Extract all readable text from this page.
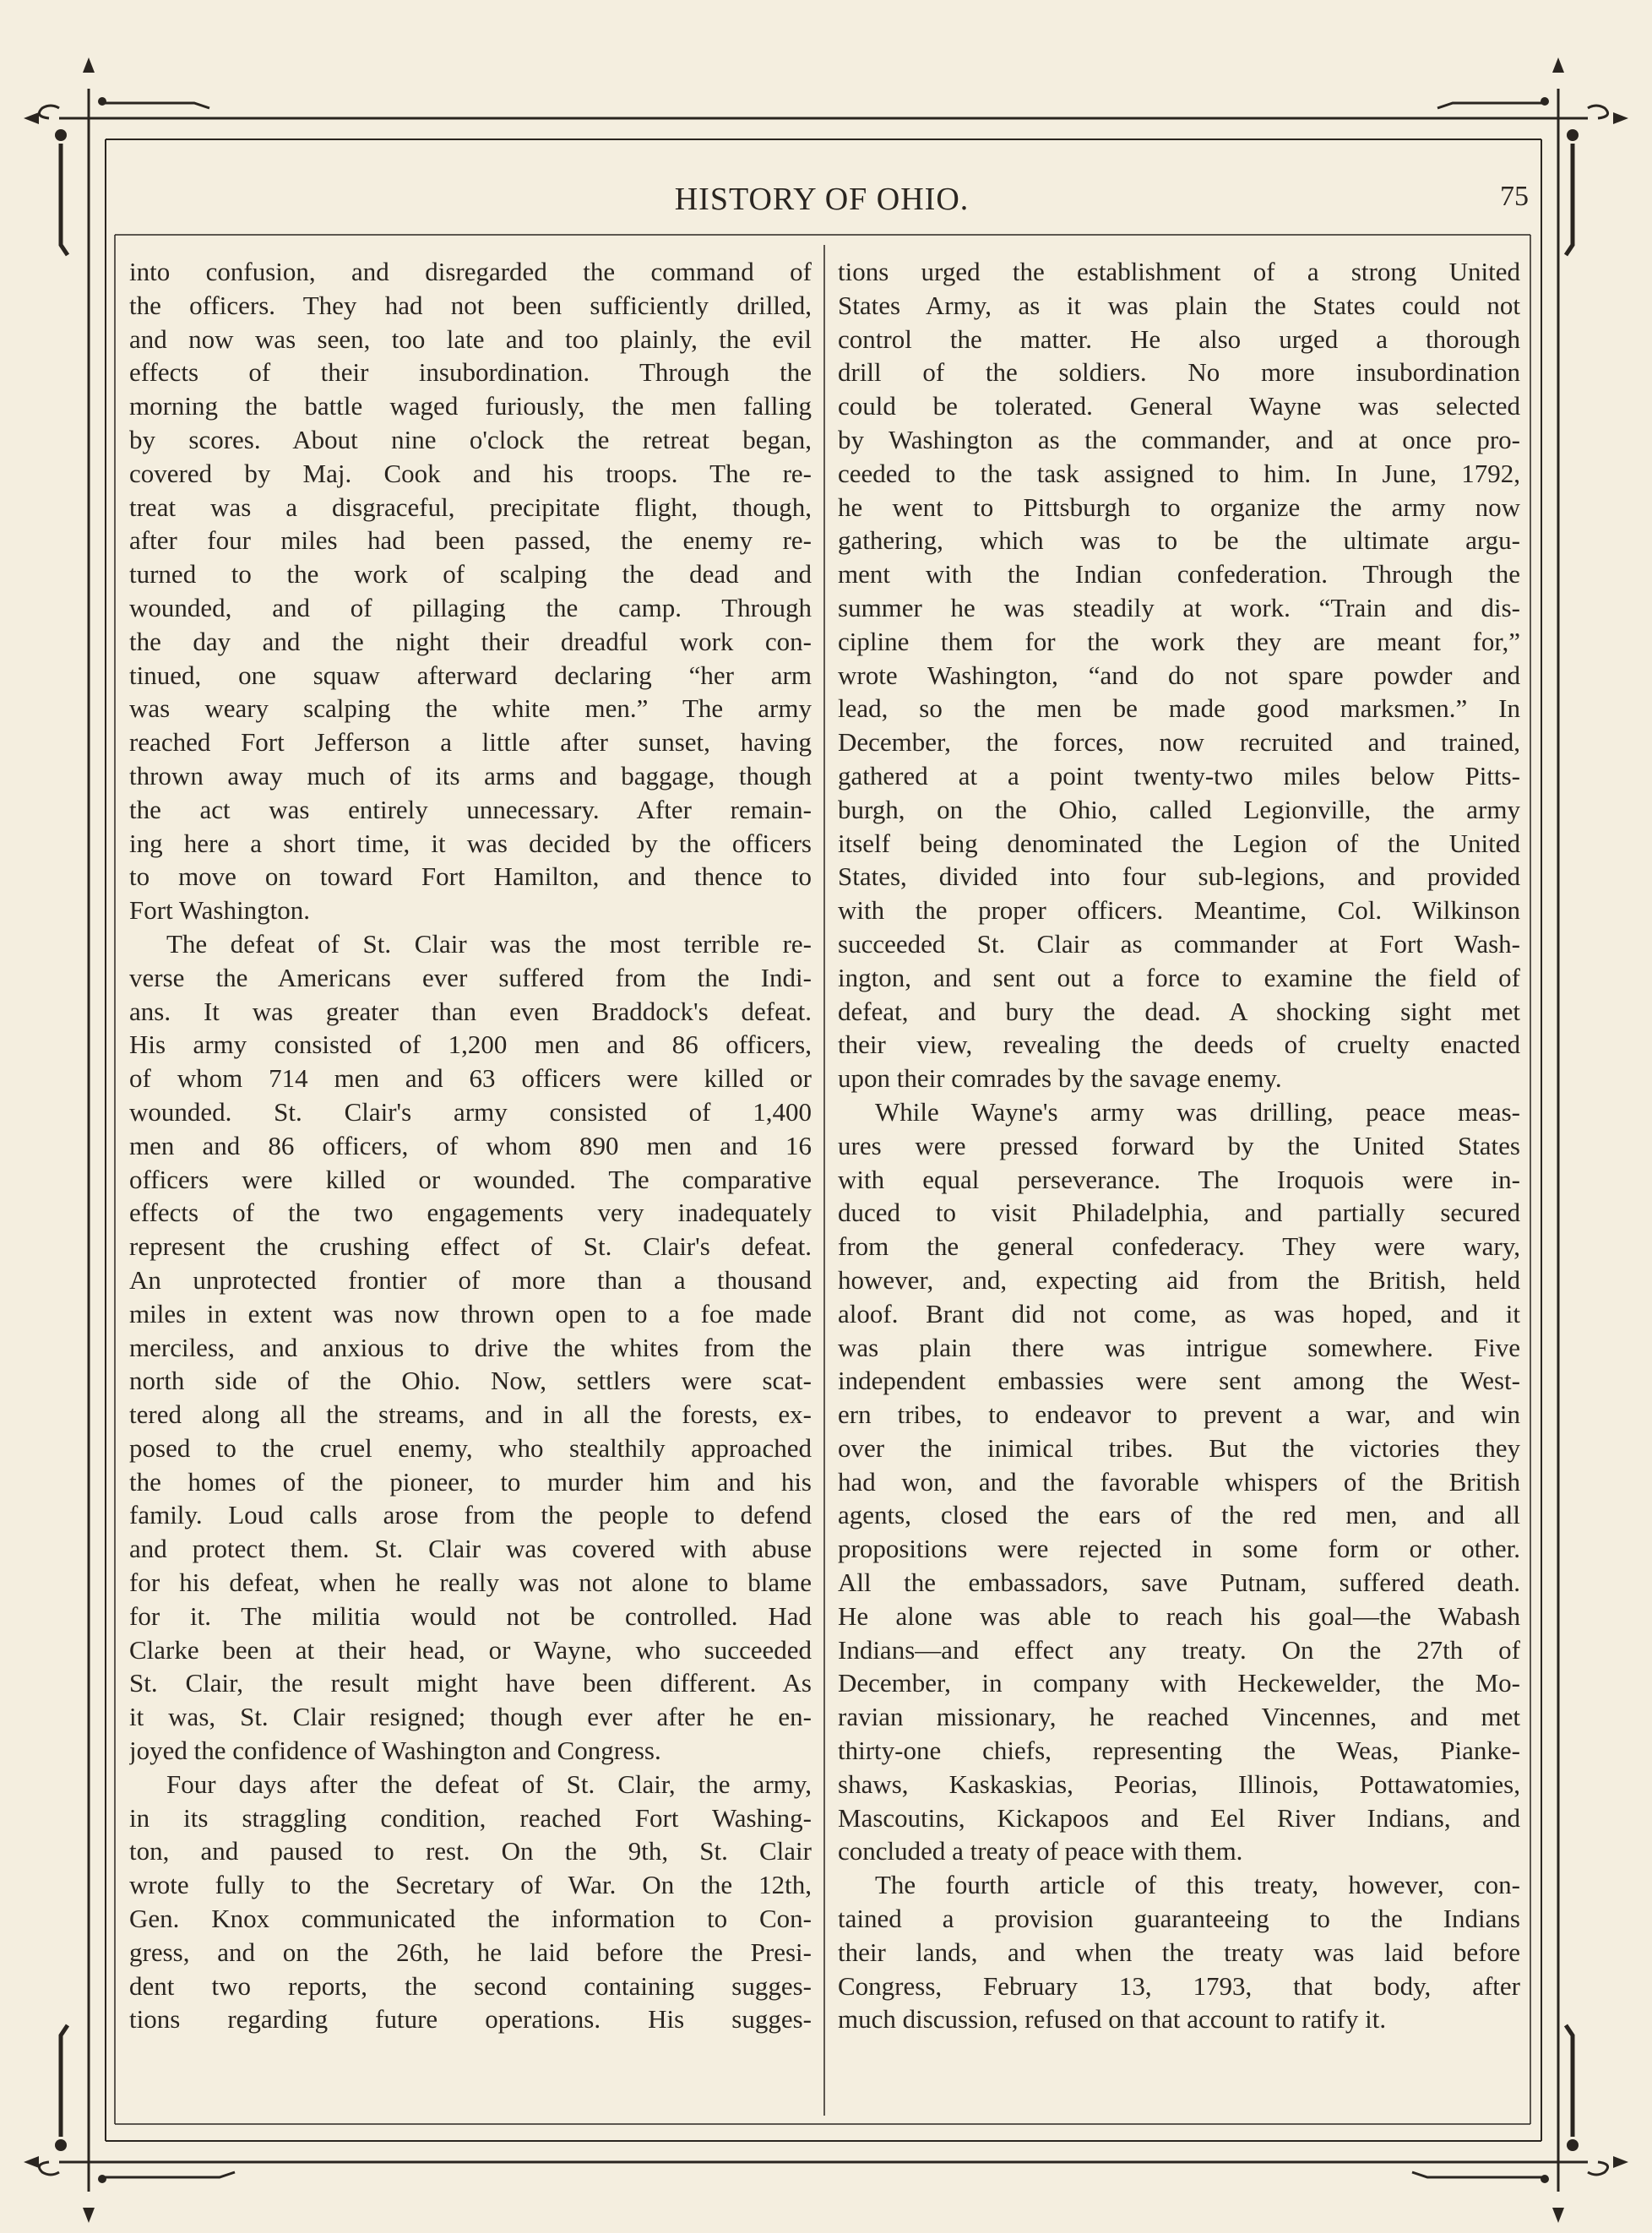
HISTORY OF OHIO.	75
into confusion, and disregarded the command of
the officers. They had not been sufficiently drilled,
and now was seen, too late and too plainly, the evil
effects of their insubordination. Through the
morning the battle waged furiously, the men falling
by scores. About nine o'clock the retreat began,
covered by Maj. Cook and his troops. The re-
treat was a disgraceful, precipitate flight, though,
after four miles had been passed, the enemy re-
turned to the work of scalping the dead and
wounded, and of pillaging the camp. Through
the day and the night their dreadful work con-
tinued, one squaw afterward declaring “her arm
was weary scalping the white men.” The army
reached Fort Jefferson a little after sunset, having
thrown away much of its arms and baggage, though
the act was entirely unnecessary. After remain-
ing here a short time, it was decided by the officers
to move on toward Fort Hamilton, and thence to
Fort Washington.
The defeat of St. Clair was the most terrible re-
verse the Americans ever suffered from the Indi-
ans. It was greater than even Braddock's defeat.
His army consisted of 1,200 men and 86 officers,
of whom 714 men and 63 officers were killed or
wounded. St. Clair's army consisted of 1,400
men and 86 officers, of whom 890 men and 16
officers were killed or wounded. The comparative
effects of the two engagements very inadequately
represent the crushing effect of St. Clair's defeat.
An unprotected frontier of more than a thousand
miles in extent was now thrown open to a foe made
merciless, and anxious to drive the whites from the
north side of the Ohio. Now, settlers were scat-
tered along all the streams, and in all the forests, ex-
posed to the cruel enemy, who stealthily approached
the homes of the pioneer, to murder him and his
family. Loud calls arose from the people to defend
and protect them. St. Clair was covered with abuse
for his defeat, when he really was not alone to blame
for it. The militia would not be controlled. Had
Clarke been at their head, or Wayne, who succeeded
St. Clair, the result might have been different. As
it was, St. Clair resigned; though ever after he en-
joyed the confidence of Washington and Congress.
Four days after the defeat of St. Clair, the army,
in its straggling condition, reached Fort Washing-
ton, and paused to rest. On the 9th, St. Clair
wrote fully to the Secretary of War. On the 12th,
Gen. Knox communicated the information to Con-
gress, and on the 26th, he laid before the Presi-
dent two reports, the second containing sugges-
tions regarding future operations. His sugges-
tions urged the establishment of a strong United
States Army, as it was plain the States could not
control the matter. He also urged a thorough
drill of the soldiers. No more insubordination
could be tolerated. General Wayne was selected
by Washington as the commander, and at once pro-
ceeded to the task assigned to him. In June, 1792,
he went to Pittsburgh to organize the army now
gathering, which was to be the ultimate argu-
ment with the Indian confederation. Through the
summer he was steadily at work. “Train and dis-
cipline them for the work they are meant for,”
wrote Washington, “and do not spare powder and
lead, so the men be made good marksmen.” In
December, the forces, now recruited and trained,
gathered at a point twenty-two miles below Pitts-
burgh, on the Ohio, called Legionville, the army
itself being denominated the Legion of the United
States, divided into four sub-legions, and provided
with the proper officers. Meantime, Col. Wilkinson
succeeded St. Clair as commander at Fort Wash-
ington, and sent out a force to examine the field of
defeat, and bury the dead. A shocking sight met
their view, revealing the deeds of cruelty enacted
upon their comrades by the savage enemy.
While Wayne's army was drilling, peace meas-
ures were pressed forward by the United States
with equal perseverance. The Iroquois were in-
duced to visit Philadelphia, and partially secured
from the general confederacy. They were wary,
however, and, expecting aid from the British, held
aloof. Brant did not come, as was hoped, and it
was plain there was intrigue somewhere. Five
independent embassies were sent among the West-
ern tribes, to endeavor to prevent a war, and win
over the inimical tribes. But the victories they
had won, and the favorable whispers of the British
agents, closed the ears of the red men, and all
propositions were rejected in some form or other.
All the embassadors, save Putnam, suffered death.
He alone was able to reach his goal—the Wabash
Indians—and effect any treaty. On the 27th of
December, in company with Heckewelder, the Mo-
ravian missionary, he reached Vincennes, and met
thirty-one chiefs, representing the Weas, Pianke-
shaws, Kaskaskias, Peorias, Illinois, Pottawatomies,
Mascoutins, Kickapoos and Eel River Indians, and
concluded a treaty of peace with them.
The fourth article of this treaty, however, con-
tained a provision guaranteeing to the Indians
their lands, and when the treaty was laid before
Congress, February 13, 1793, that body, after
much discussion, refused on that account to ratify it.
